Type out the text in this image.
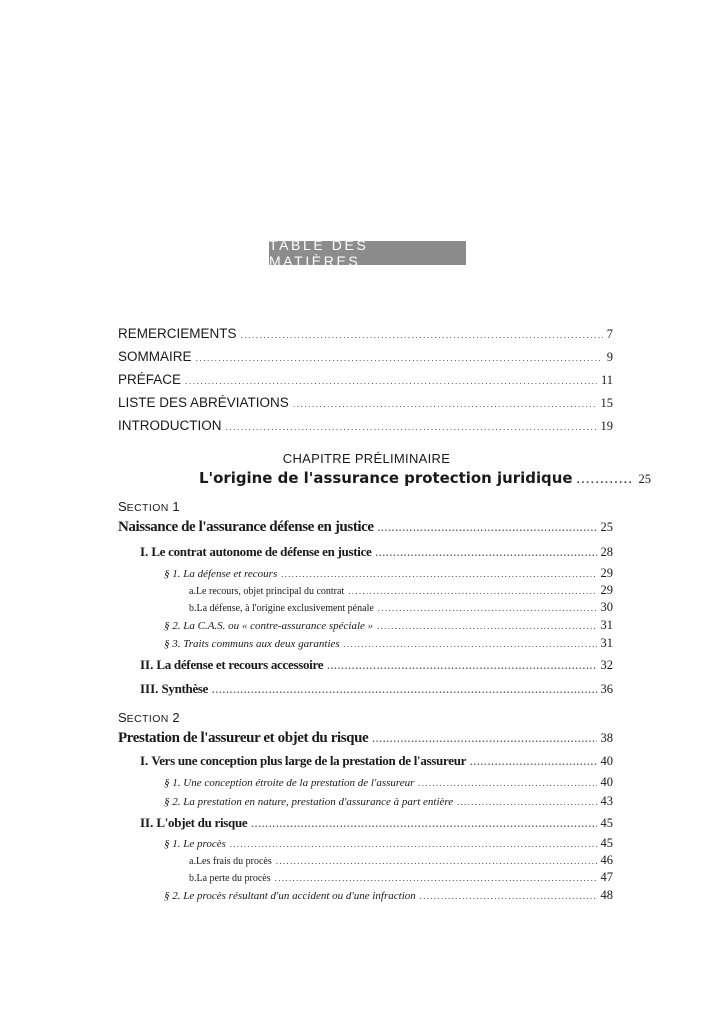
TABLE DES MATIÈRES
REMERCIEMENTS .....	7
SOMMAIRE .....	9
PRÉFACE .....	11
LISTE DES ABRÉVIATIONS .....	15
INTRODUCTION .....	19
CHAPITRE PRÉLIMINAIRE
L'origine de l'assurance protection juridique .....	25
SECTION 1
Naissance de l'assurance défense en justice .....	25
I. Le contrat autonome de défense en justice .....	28
§ 1. La défense et recours .....	29
a. Le recours, objet principal du contrat .....	29
b. La défense, à l'origine exclusivement pénale .....	30
§ 2. La C.A.S. ou « contre-assurance spéciale » .....	31
§ 3. Traits communs aux deux garanties .....	31
II. La défense et recours accessoire .....	32
III. Synthèse .....	36
SECTION 2
Prestation de l'assureur et objet du risque .....	38
I. Vers une conception plus large de la prestation de l'assureur .....	40
§ 1. Une conception étroite de la prestation de l'assureur .....	40
§ 2. La prestation en nature, prestation d'assurance à part entière .....	43
II. L'objet du risque .....	45
§ 1. Le procès .....	45
a. Les frais du procès .....	46
b. La perte du procès .....	47
§ 2. Le procès résultant d'un accident ou d'une infraction .....	48
